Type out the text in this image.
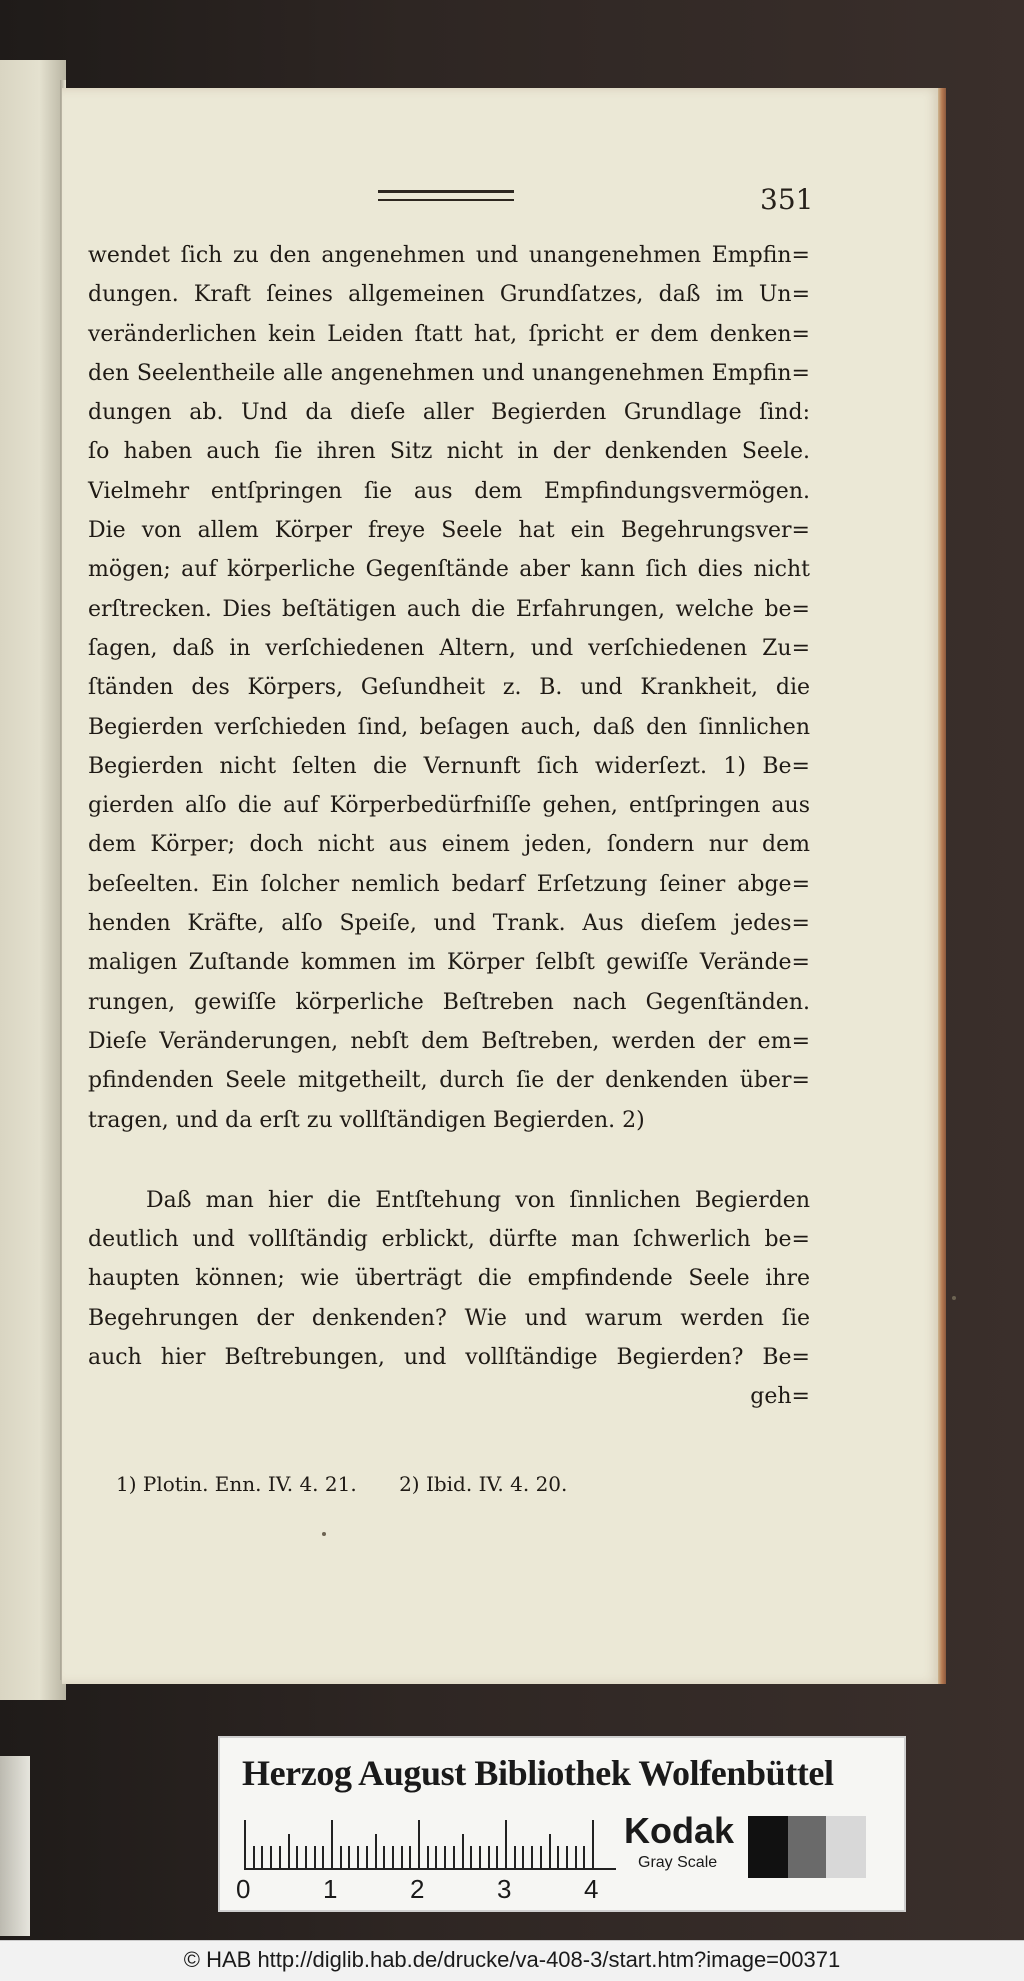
351
wendet ſich zu den angenehmen und unangenehmen Empfin=
dungen. Kraft ſeines allgemeinen Grundſatzes, daß im Un=
veränderlichen kein Leiden ſtatt hat, ſpricht er dem denken=
den Seelentheile alle angenehmen und unangenehmen Empfin=
dungen ab. Und da dieſe aller Begierden Grundlage ſind:
ſo haben auch ſie ihren Sitz nicht in der denkenden Seele.
Vielmehr entſpringen ſie aus dem Empfindungsvermögen.
Die von allem Körper freye Seele hat ein Begehrungsver=
mögen; auf körperliche Gegenſtände aber kann ſich dies nicht
erſtrecken. Dies beſtätigen auch die Erfahrungen, welche be=
ſagen, daß in verſchiedenen Altern, und verſchiedenen Zu=
ſtänden des Körpers, Geſundheit z. B. und Krankheit, die
Begierden verſchieden ſind, beſagen auch, daß den ſinnlichen
Begierden nicht ſelten die Vernunft ſich widerſezt. 1) Be=
gierden alſo die auf Körperbedürfniſſe gehen, entſpringen aus
dem Körper; doch nicht aus einem jeden, ſondern nur dem
beſeelten. Ein ſolcher nemlich bedarf Erſetzung ſeiner abge=
henden Kräfte, alſo Speiſe, und Trank. Aus dieſem jedes=
maligen Zuſtande kommen im Körper ſelbſt gewiſſe Verände=
rungen, gewiſſe körperliche Beſtreben nach Gegenſtänden.
Dieſe Veränderungen, nebſt dem Beſtreben, werden der em=
pfindenden Seele mitgetheilt, durch ſie der denkenden über=
tragen, und da erſt zu vollſtändigen Begierden. 2)
Daß man hier die Entſtehung von ſinnlichen Begierden
deutlich und vollſtändig erblickt, dürfte man ſchwerlich be=
haupten können; wie überträgt die empfindende Seele ihre
Begehrungen der denkenden? Wie und warum werden ſie
auch hier Beſtrebungen, und vollſtändige Begierden? Be=
geh=
1) Plotin. Enn. IV. 4. 21. 2) Ibid. IV. 4. 20.
Herzog August Bibliothek Wolfenbüttel
0	1	2	3	4
Kodak
Gray Scale
© HAB http://diglib.hab.de/drucke/va-408-3/start.htm?image=00371
